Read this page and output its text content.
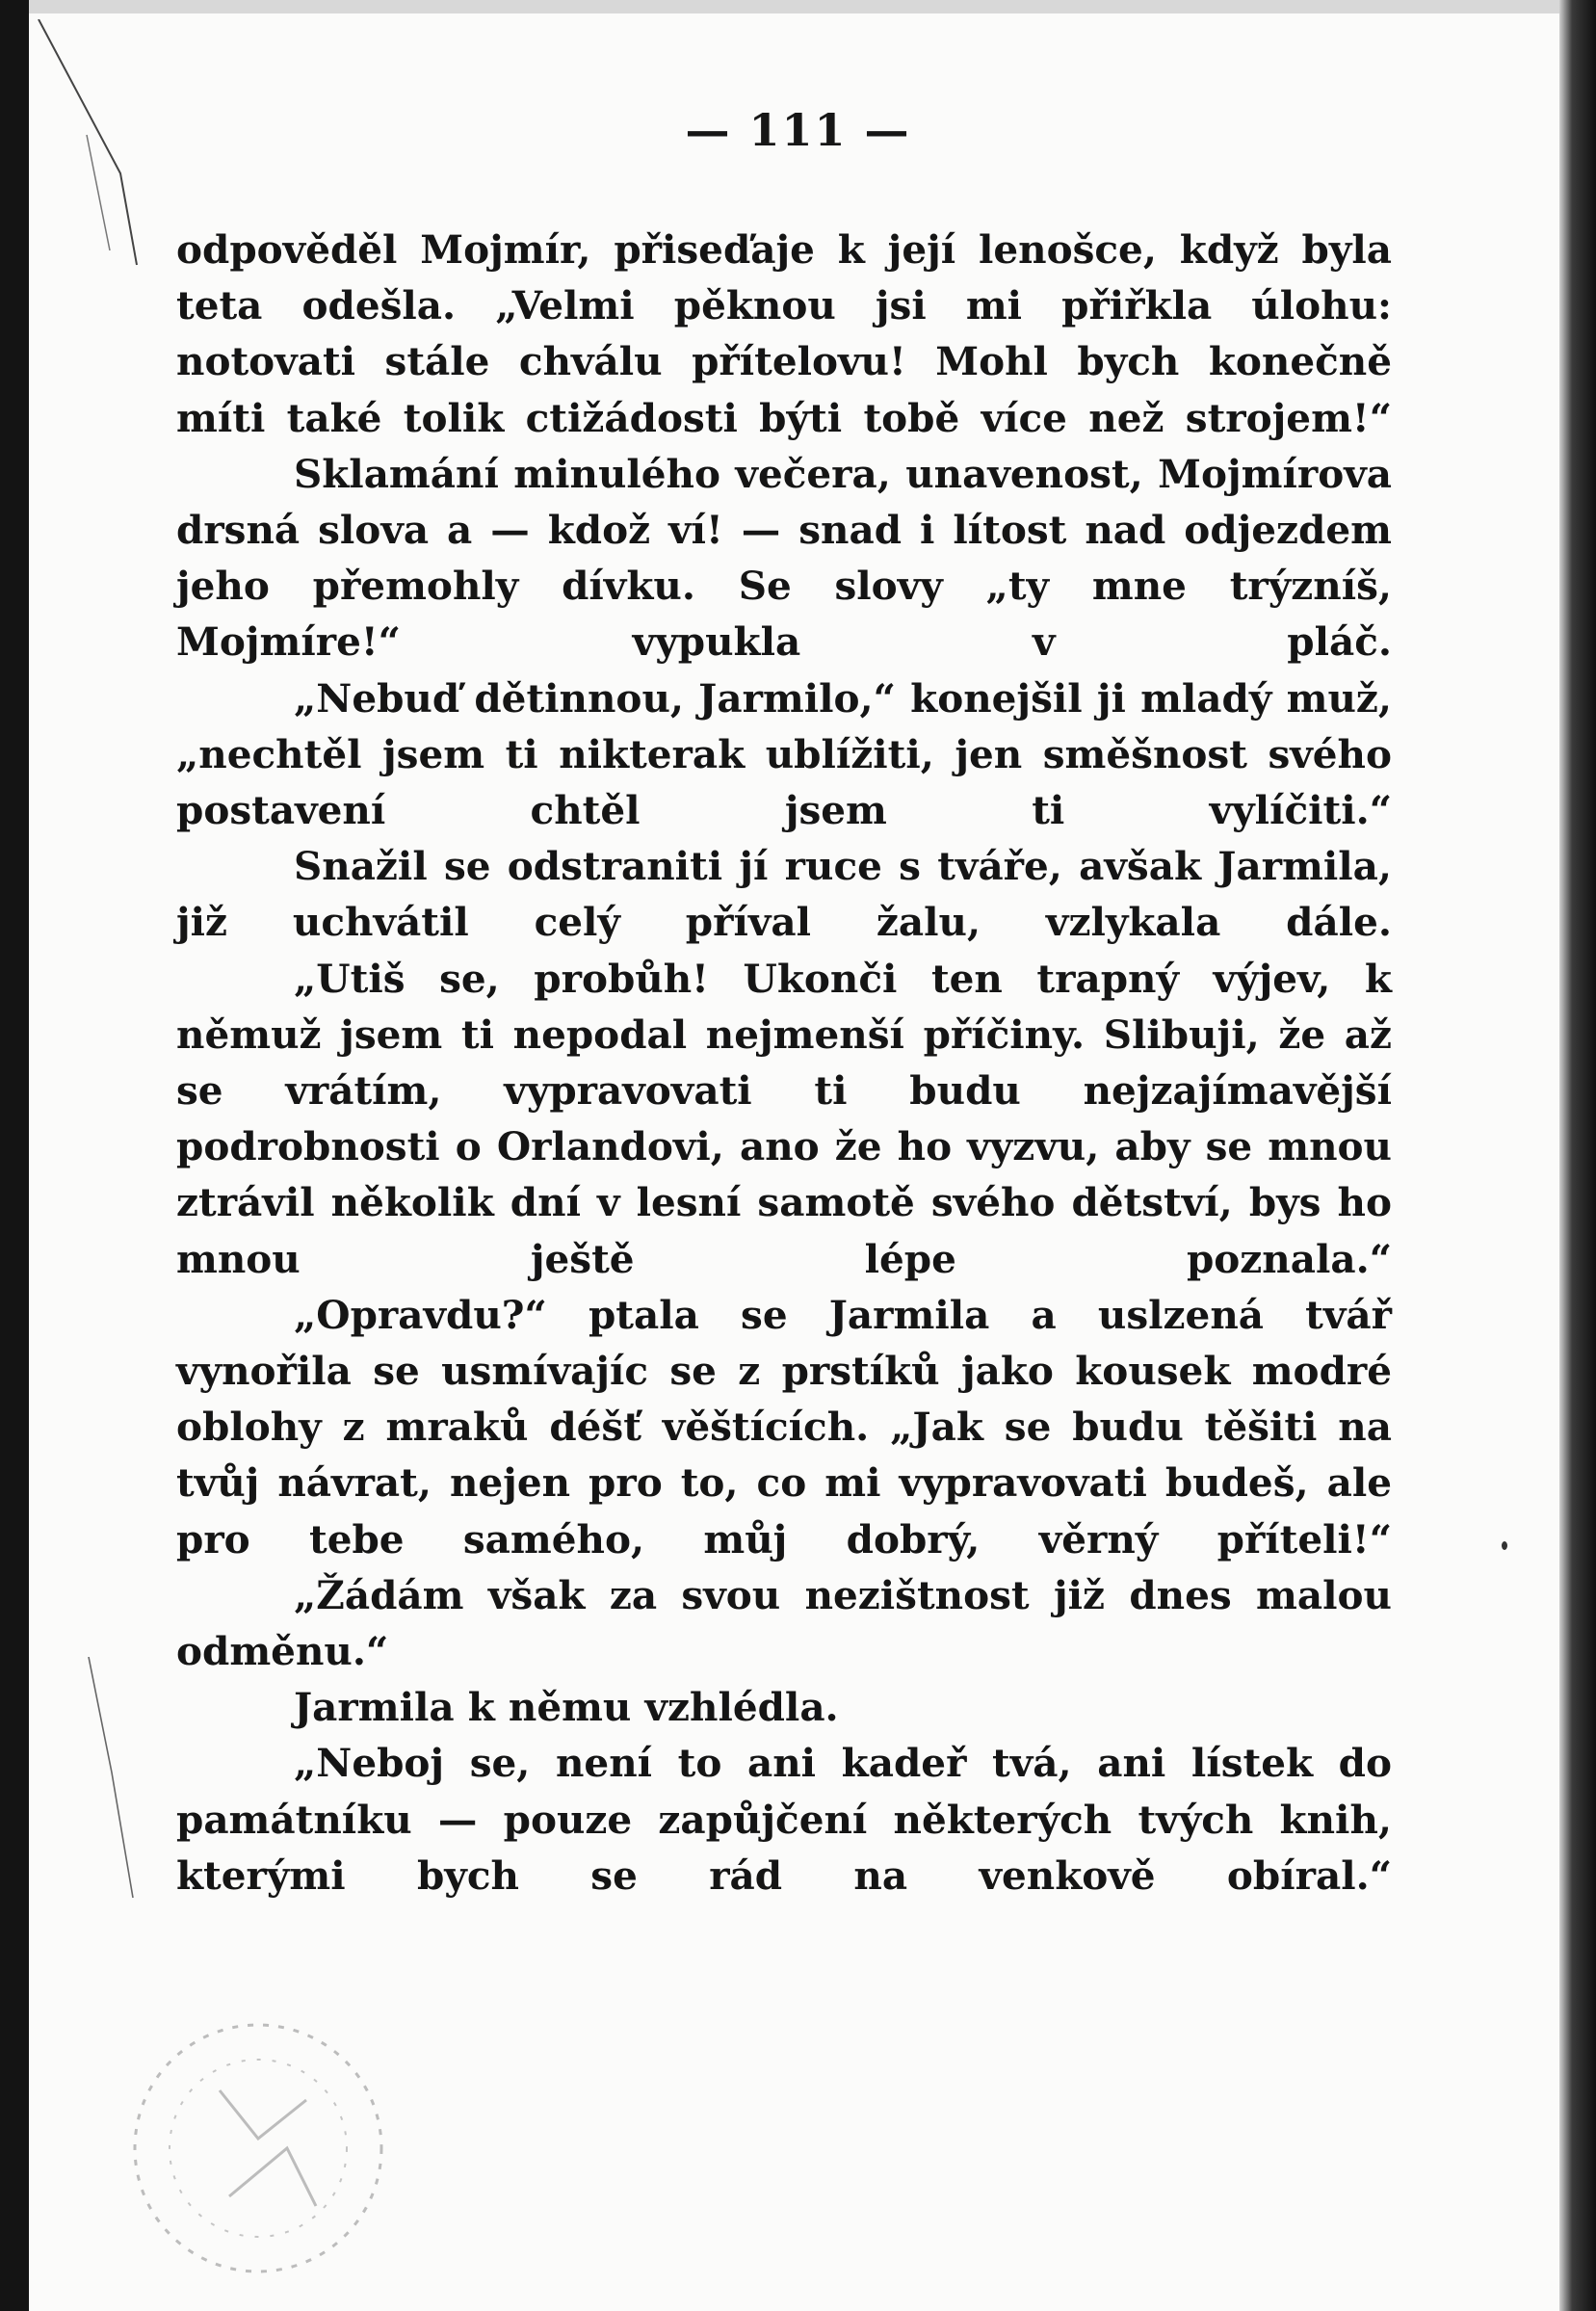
— 111 —

odpověděl Mojmír, přiseďaje k její lenošce, když byla teta odešla. „Velmi pěknou jsi mi přiřkla úlohu: notovati stále chválu přítelovu! Mohl bych konečně míti také tolik ctižádosti býti tobě více než strojem!“

Sklamání minulého večera, unavenost, Mojmírova drsná slova a — kdož ví! — snad i lítost nad odjezdem jeho přemohly dívku. Se slovy „ty mne trýzníš, Mojmíre!“ vypukla v pláč.

„Nebuď dětinnou, Jarmilo,“ konejšil ji mladý muž, „nechtěl jsem ti nikterak ublížiti, jen směšnost svého postavení chtěl jsem ti vylíčiti.“

Snažil se odstraniti jí ruce s tváře, avšak Jarmila, již uchvátil celý příval žalu, vzlykala dále.

„Utiš se, probůh! Ukonči ten trapný výjev, k němuž jsem ti nepodal nejmenší příčiny. Slibuji, že až se vrátím, vypravovati ti budu nejzajímavější podrobnosti o Orlandovi, ano že ho vyzvu, aby se mnou ztrávil několik dní v lesní samotě svého dětství, bys ho mnou ještě lépe poznala.“

„Opravdu?“ ptala se Jarmila a uslzená tvář vynořila se usmívajíc se z prstíků jako kousek modré oblohy z mraků déšť věštících. „Jak se budu těšiti na tvůj návrat, nejen pro to, co mi vypravovati budeš, ale pro tebe samého, můj dobrý, věrný příteli!“

„Žádám však za svou nezištnost již dnes malou odměnu.“

Jarmila k němu vzhlédla.

„Neboj se, není to ani kadeř tvá, ani lístek do památníku — pouze zapůjčení některých tvých knih, kterými bych se rád na venkově obíral.“
